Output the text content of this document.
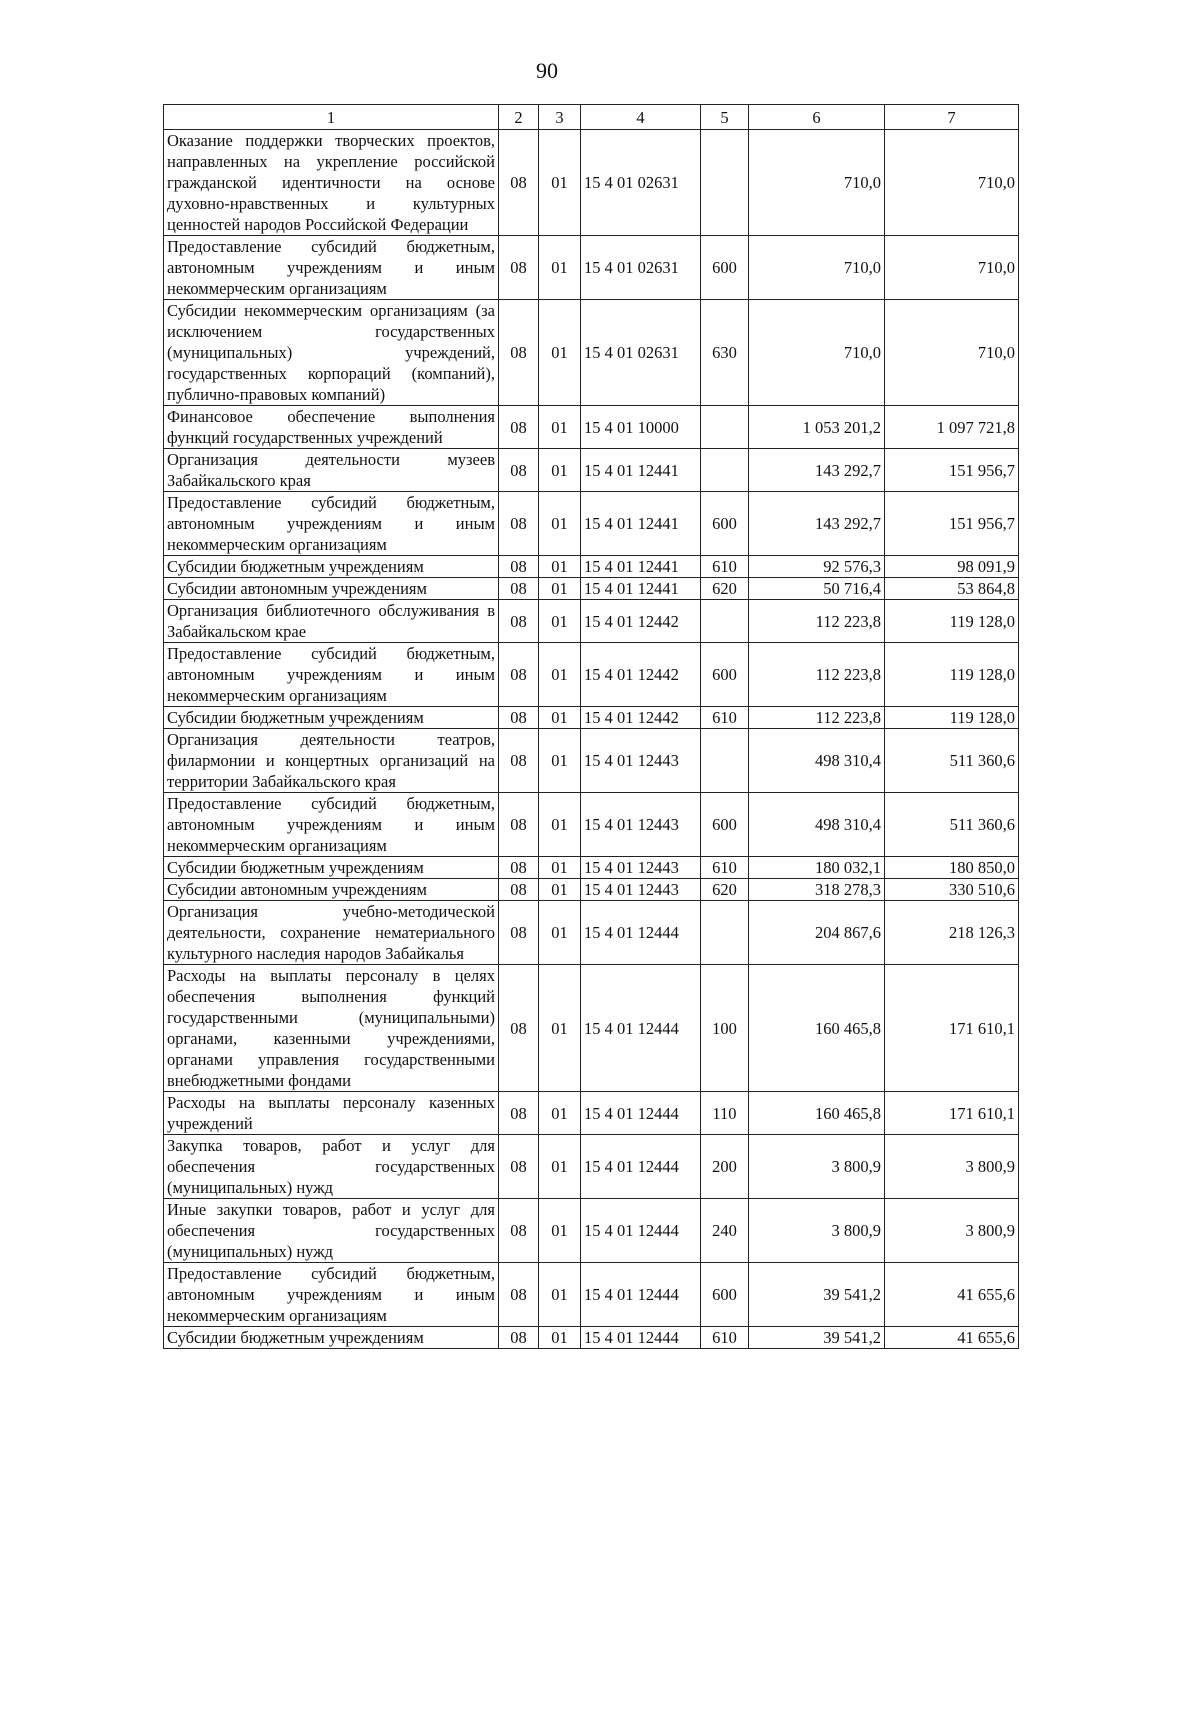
90
1	2	3	4	5	6	7
Оказание поддержки творческих проектов, направленных на укрепление российской гражданской идентичности на основе духовно-нравственных и культурных ценностей народов Российской Федерации	08	01	15 4 01 02631		710,0	710,0
Предоставление субсидий бюджетным, автономным учреждениям и иным некоммерческим организациям	08	01	15 4 01 02631	600	710,0	710,0
Субсидии некоммерческим организациям (за исключением государственных (муниципальных) учреждений, государственных корпораций (компаний), публично-правовых компаний)	08	01	15 4 01 02631	630	710,0	710,0
Финансовое обеспечение выполнения функций государственных учреждений	08	01	15 4 01 10000		1 053 201,2	1 097 721,8
Организация деятельности музеев Забайкальского края	08	01	15 4 01 12441		143 292,7	151 956,7
Предоставление субсидий бюджетным, автономным учреждениям и иным некоммерческим организациям	08	01	15 4 01 12441	600	143 292,7	151 956,7
Субсидии бюджетным учреждениям	08	01	15 4 01 12441	610	92 576,3	98 091,9
Субсидии автономным учреждениям	08	01	15 4 01 12441	620	50 716,4	53 864,8
Организация библиотечного обслуживания в Забайкальском крае	08	01	15 4 01 12442		112 223,8	119 128,0
Предоставление субсидий бюджетным, автономным учреждениям и иным некоммерческим организациям	08	01	15 4 01 12442	600	112 223,8	119 128,0
Субсидии бюджетным учреждениям	08	01	15 4 01 12442	610	112 223,8	119 128,0
Организация деятельности театров, филармонии и концертных организаций на территории Забайкальского края	08	01	15 4 01 12443		498 310,4	511 360,6
Предоставление субсидий бюджетным, автономным учреждениям и иным некоммерческим организациям	08	01	15 4 01 12443	600	498 310,4	511 360,6
Субсидии бюджетным учреждениям	08	01	15 4 01 12443	610	180 032,1	180 850,0
Субсидии автономным учреждениям	08	01	15 4 01 12443	620	318 278,3	330 510,6
Организация учебно-методической деятельности, сохранение нематериального культурного наследия народов Забайкалья	08	01	15 4 01 12444		204 867,6	218 126,3
Расходы на выплаты персоналу в целях обеспечения выполнения функций государственными (муниципальными) органами, казенными учреждениями, органами управления государственными внебюджетными фондами	08	01	15 4 01 12444	100	160 465,8	171 610,1
Расходы на выплаты персоналу казенных учреждений	08	01	15 4 01 12444	110	160 465,8	171 610,1
Закупка товаров, работ и услуг для обеспечения государственных (муниципальных) нужд	08	01	15 4 01 12444	200	3 800,9	3 800,9
Иные закупки товаров, работ и услуг для обеспечения государственных (муниципальных) нужд	08	01	15 4 01 12444	240	3 800,9	3 800,9
Предоставление субсидий бюджетным, автономным учреждениям и иным некоммерческим организациям	08	01	15 4 01 12444	600	39 541,2	41 655,6
Субсидии бюджетным учреждениям	08	01	15 4 01 12444	610	39 541,2	41 655,6
